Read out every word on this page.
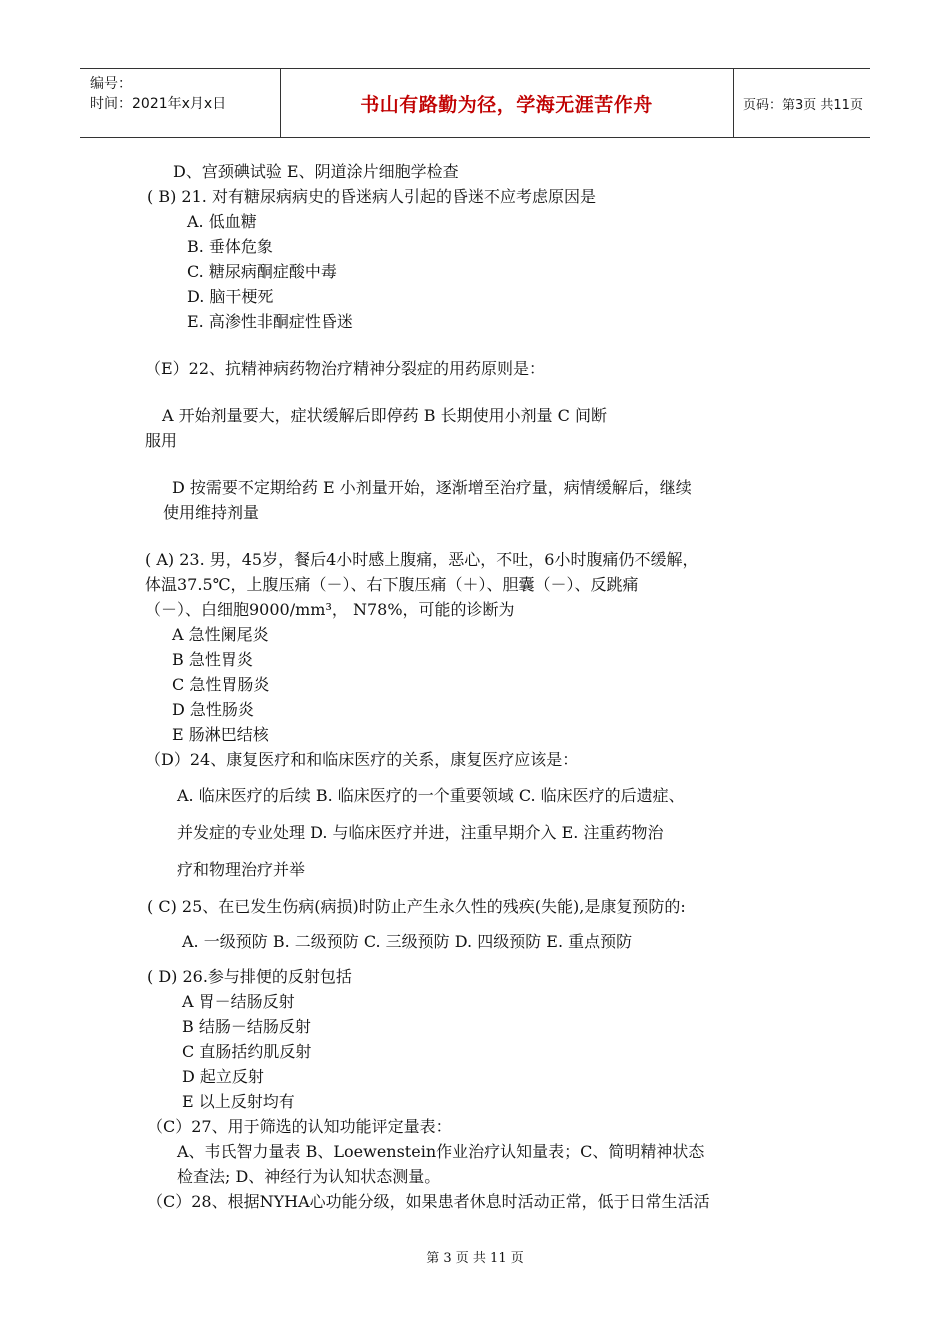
编号：
时间：2021年x月x日	书山有路勤为径，学海无涯苦作舟	页码：第3页 共11页
D、宫颈碘试验 E、阴道涂片细胞学检查
( B) 21. 对有糖尿病病史的昏迷病人引起的昏迷不应考虑原因是
A. 低血糖
B. 垂体危象
C. 糖尿病酮症酸中毒
D. 脑干梗死
E. 高渗性非酮症性昏迷
（E）22、抗精神病药物治疗精神分裂症的用药原则是：
A 开始剂量要大，症状缓解后即停药 B 长期使用小剂量 C 间断
服用
D 按需要不定期给药 E 小剂量开始，逐渐增至治疗量，病情缓解后，继续
使用维持剂量
( A) 23. 男，45岁，餐后4小时感上腹痛，恶心，不吐，6小时腹痛仍不缓解，
体温37.5℃，上腹压痛（－）、右下腹压痛（＋）、胆囊（－）、反跳痛
（－）、白细胞9000/mm³， N78%，可能的诊断为
A 急性阑尾炎
B 急性胃炎
C 急性胃肠炎
D 急性肠炎
E 肠淋巴结核
（D）24、康复医疗和和临床医疗的关系，康复医疗应该是：
A. 临床医疗的后续 B. 临床医疗的一个重要领域 C. 临床医疗的后遗症、
并发症的专业处理 D. 与临床医疗并进，注重早期介入 E. 注重药物治
疗和物理治疗并举
( C) 25、在已发生伤病(病损)时防止产生永久性的残疾(失能),是康复预防的:
A. 一级预防 B. 二级预防 C. 三级预防 D. 四级预防 E. 重点预防
( D) 26.参与排便的反射包括
A 胃－结肠反射
B 结肠－结肠反射
C 直肠括约肌反射
D 起立反射
E 以上反射均有
（C）27、用于筛选的认知功能评定量表：
A、韦氏智力量表 B、Loewenstein作业治疗认知量表；C、简明精神状态
检查法; D、神经行为认知状态测量。
（C）28、根据NYHA心功能分级，如果患者休息时活动正常，低于日常生活活
第 3 页 共 11 页
